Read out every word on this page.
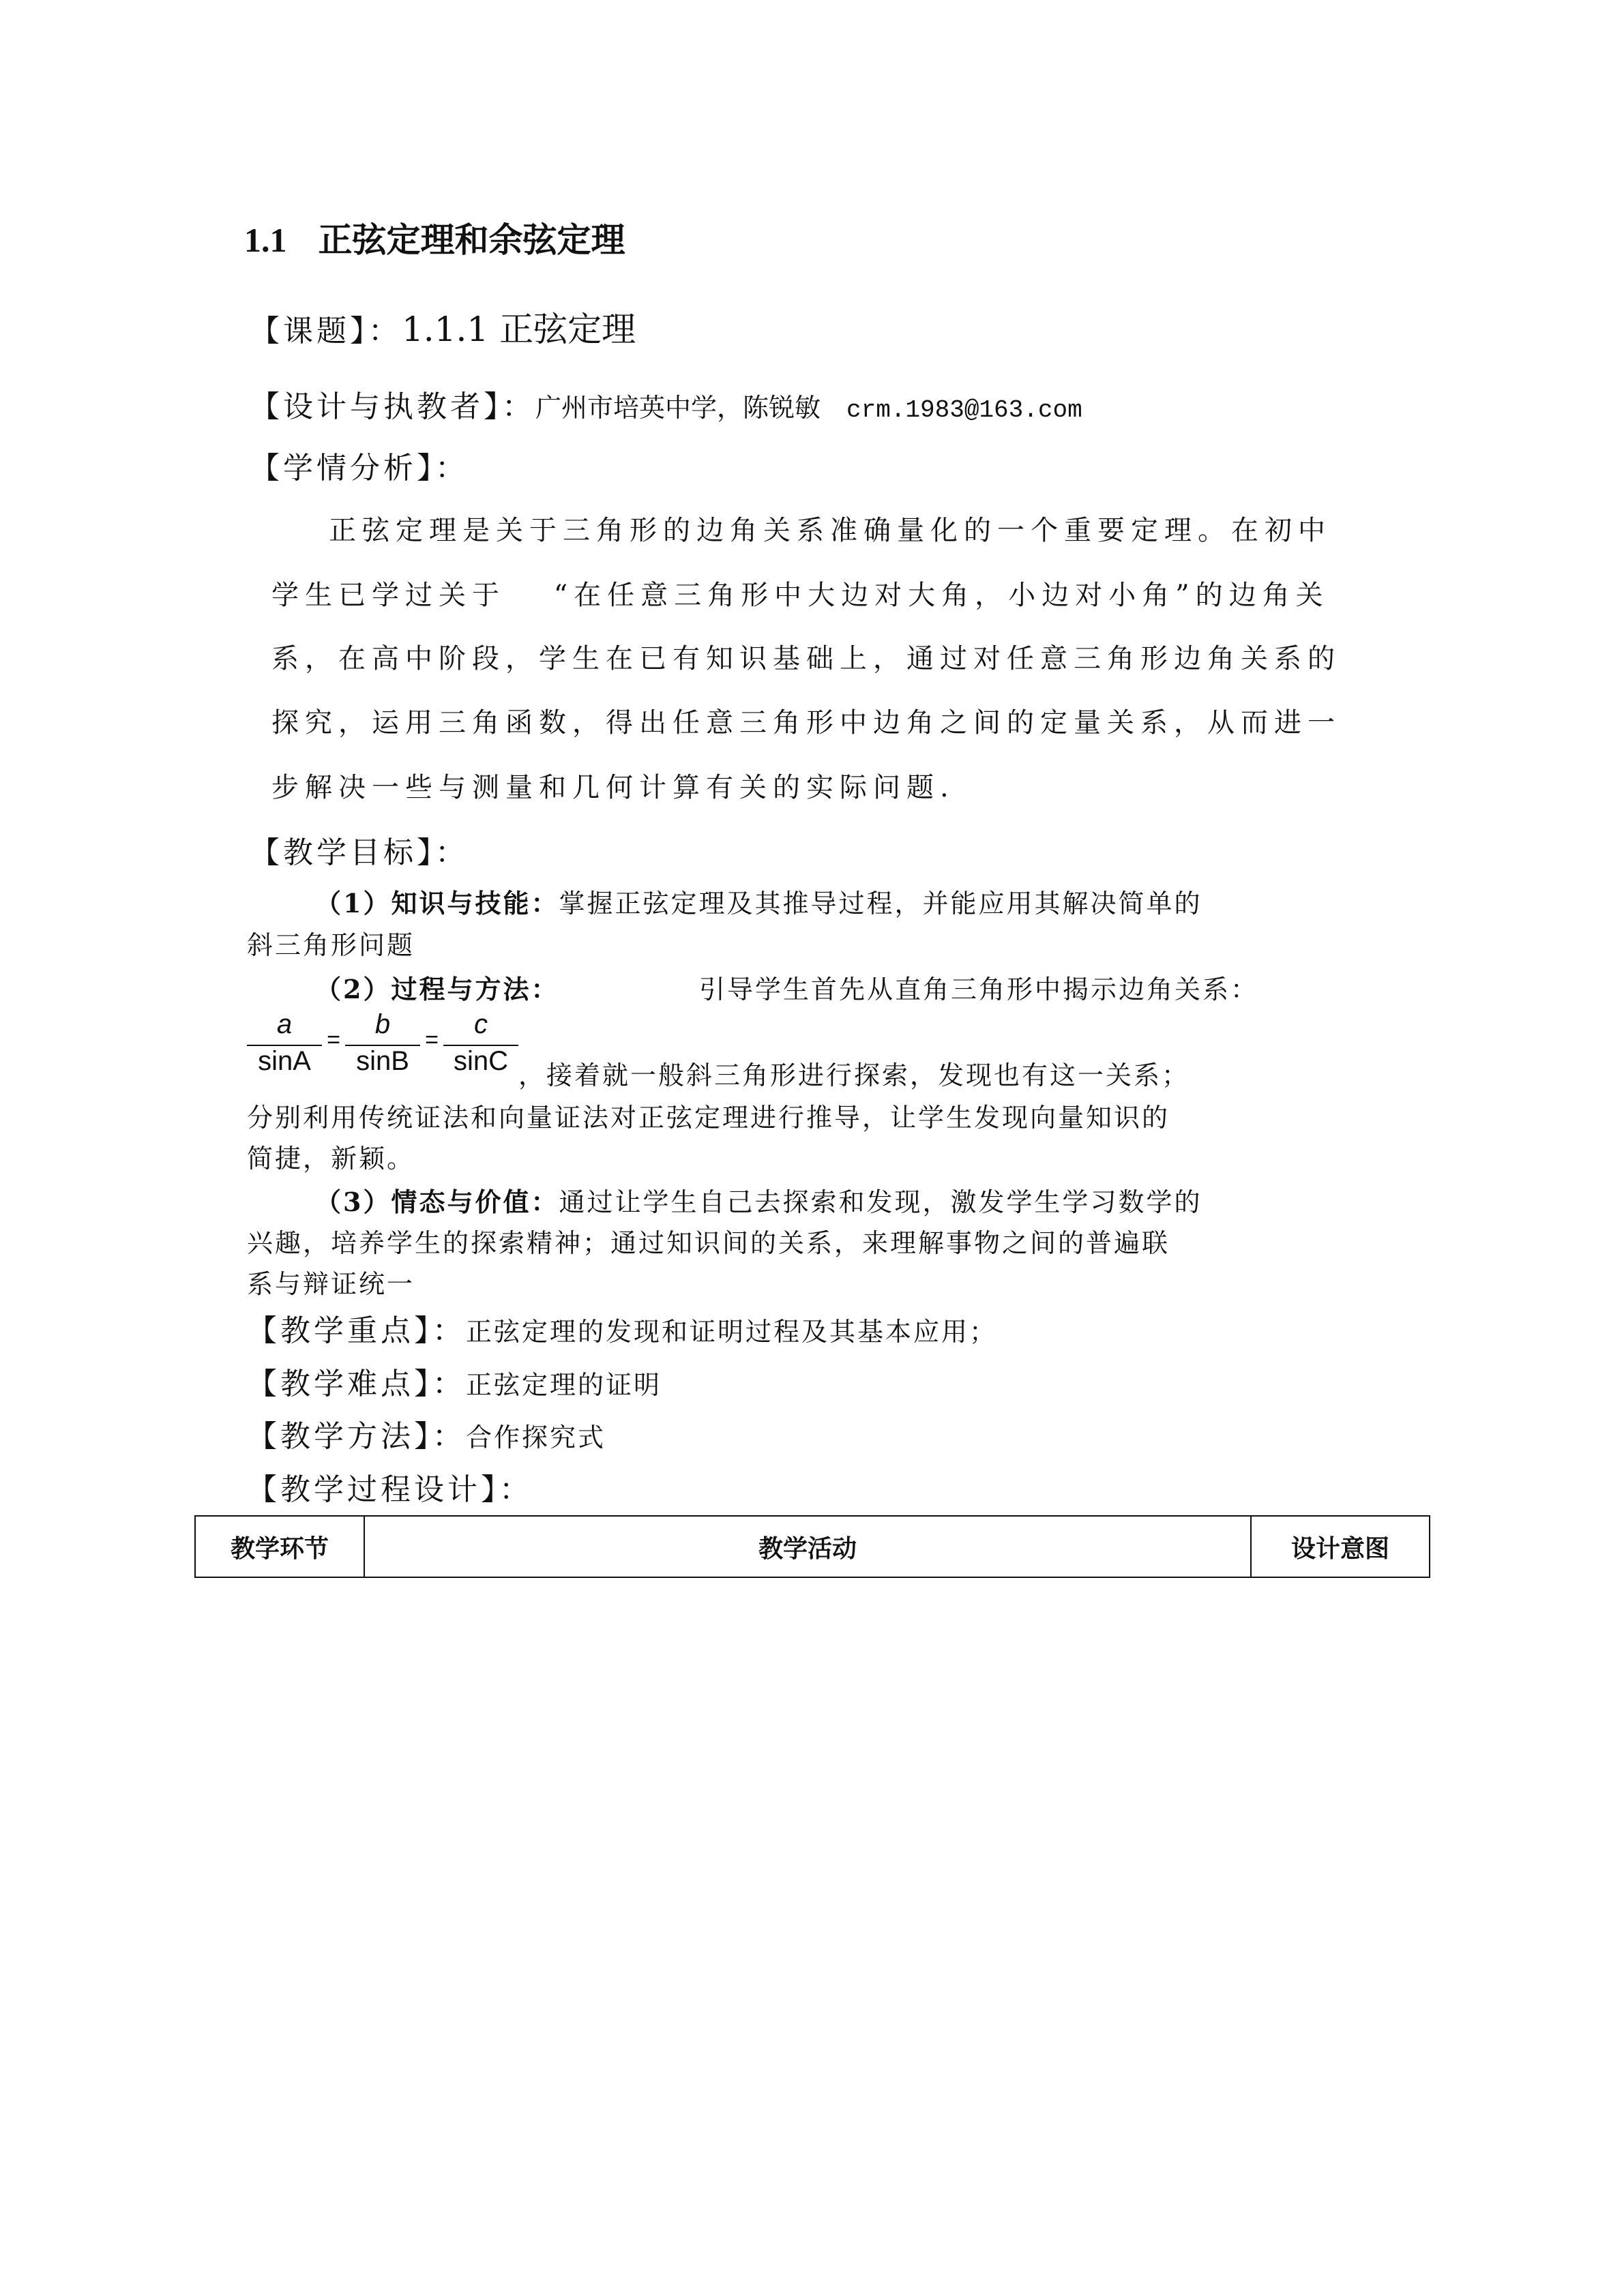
1.1 正弦定理和余弦定理
【课题】：1.1.1 正弦定理
【设计与执教者】：广州市培英中学，陈锐敏 crm.1983@163.com
【学情分析】：
正弦定理是关于三角形的边角关系准确量化的一个重要定理。在初中
学生已学过关于　 “在任意三角形中大边对大角，小边对小角”的边角关
系，在高中阶段，学生在已有知识基础上，通过对任意三角形边角关系的
探究，运用三角函数，得出任意三角形中边角之间的定量关系，从而进一
步解决一些与测量和几何计算有关的实际问题.
【教学目标】：
（1）知识与技能：掌握正弦定理及其推导过程，并能应用其解决简单的
斜三角形问题
（2）过程与方法：	引导学生首先从直角三角形中揭示边角关系：
a
sinA
=
b
sinB
=
c
sinC ，接着就一般斜三角形进行探索，发现也有这一关系；
分别利用传统证法和向量证法对正弦定理进行推导，让学生发现向量知识的
简捷，新颖。
（3）情态与价值：通过让学生自己去探索和发现，激发学生学习数学的
兴趣，培养学生的探索精神；通过知识间的关系，来理解事物之间的普遍联
系与辩证统一
【教学重点】：正弦定理的发现和证明过程及其基本应用；
【教学难点】：正弦定理的证明
【教学方法】：合作探究式
【教学过程设计】：
教学环节	教学活动	设计意图
